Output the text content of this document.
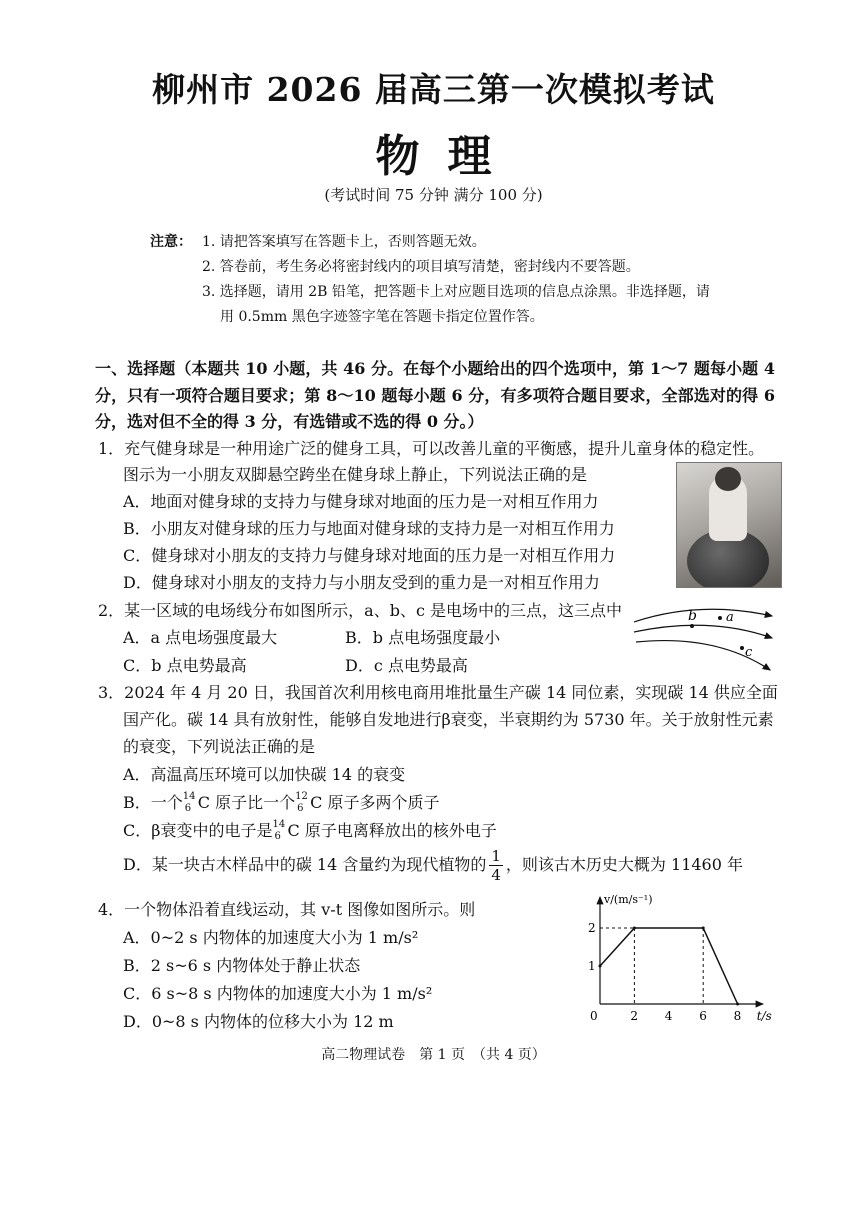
柳州市 2026 届高三第一次模拟考试
物理
(考试时间 75 分钟 满分 100 分)
注意： 1. 请把答案填写在答题卡上，否则答题无效。
2. 答卷前，考生务必将密封线内的项目填写清楚，密封线内不要答题。
3. 选择题，请用 2B 铅笔，把答题卡上对应题目选项的信息点涂黑。非选择题，请
用 0.5mm 黑色字迹签字笔在答题卡指定位置作答。
一、选择题（本题共 10 小题，共 46 分。在每个小题给出的四个选项中，第 1～7 题每小题 4 分，只有一项符合题目要求；第 8～10 题每小题 6 分，有多项符合题目要求，全部选对的得 6 分，选对但不全的得 3 分，有选错或不选的得 0 分。）
1．充气健身球是一种用途广泛的健身工具，可以改善儿童的平衡感，提升儿童身体的稳定性。
图示为一小朋友双脚悬空跨坐在健身球上静止，下列说法正确的是
A．地面对健身球的支持力与健身球对地面的压力是一对相互作用力
B．小朋友对健身球的压力与地面对健身球的支持力是一对相互作用力
C．健身球对小朋友的支持力与健身球对地面的压力是一对相互作用力
D．健身球对小朋友的支持力与小朋友受到的重力是一对相互作用力
2．某一区域的电场线分布如图所示，a、b、c 是电场中的三点，这三点中
A．a 点电场强度最大	B．b 点电场强度最小
C．b 点电势最高	D．c 点电势最高
a
b
c
3．2024 年 4 月 20 日，我国首次利用核电商用堆批量生产碳 14 同位素，实现碳 14 供应全面
国产化。碳 14 具有放射性，能够自发地进行β衰变，半衰期约为 5730 年。关于放射性元素
的衰变，下列说法正确的是
A．高温高压环境可以加快碳 14 的衰变
B．一个 14
6 C 原子比一个 12
6 C 原子多两个质子
C．β衰变中的电子是 14
6 C 原子电离释放出的核外电子
D．某一块古木样品中的碳 14 含量约为现代植物的 $\frac{1}{4}$ ，则该古木历史大概为 11460 年
4．一个物体沿着直线运动，其 v-t 图像如图所示。则
A．0~2 s 内物体的加速度大小为 1 m/s²
B．2 s~6 s 内物体处于静止状态
C．6 s~8 s 内物体的加速度大小为 1 m/s²
D．0~8 s 内物体的位移大小为 12 m	t/s
v/(m/s⁻¹)
0	2 4 6 8
1
2
高二物理试卷　第 1 页　（共 4 页）
